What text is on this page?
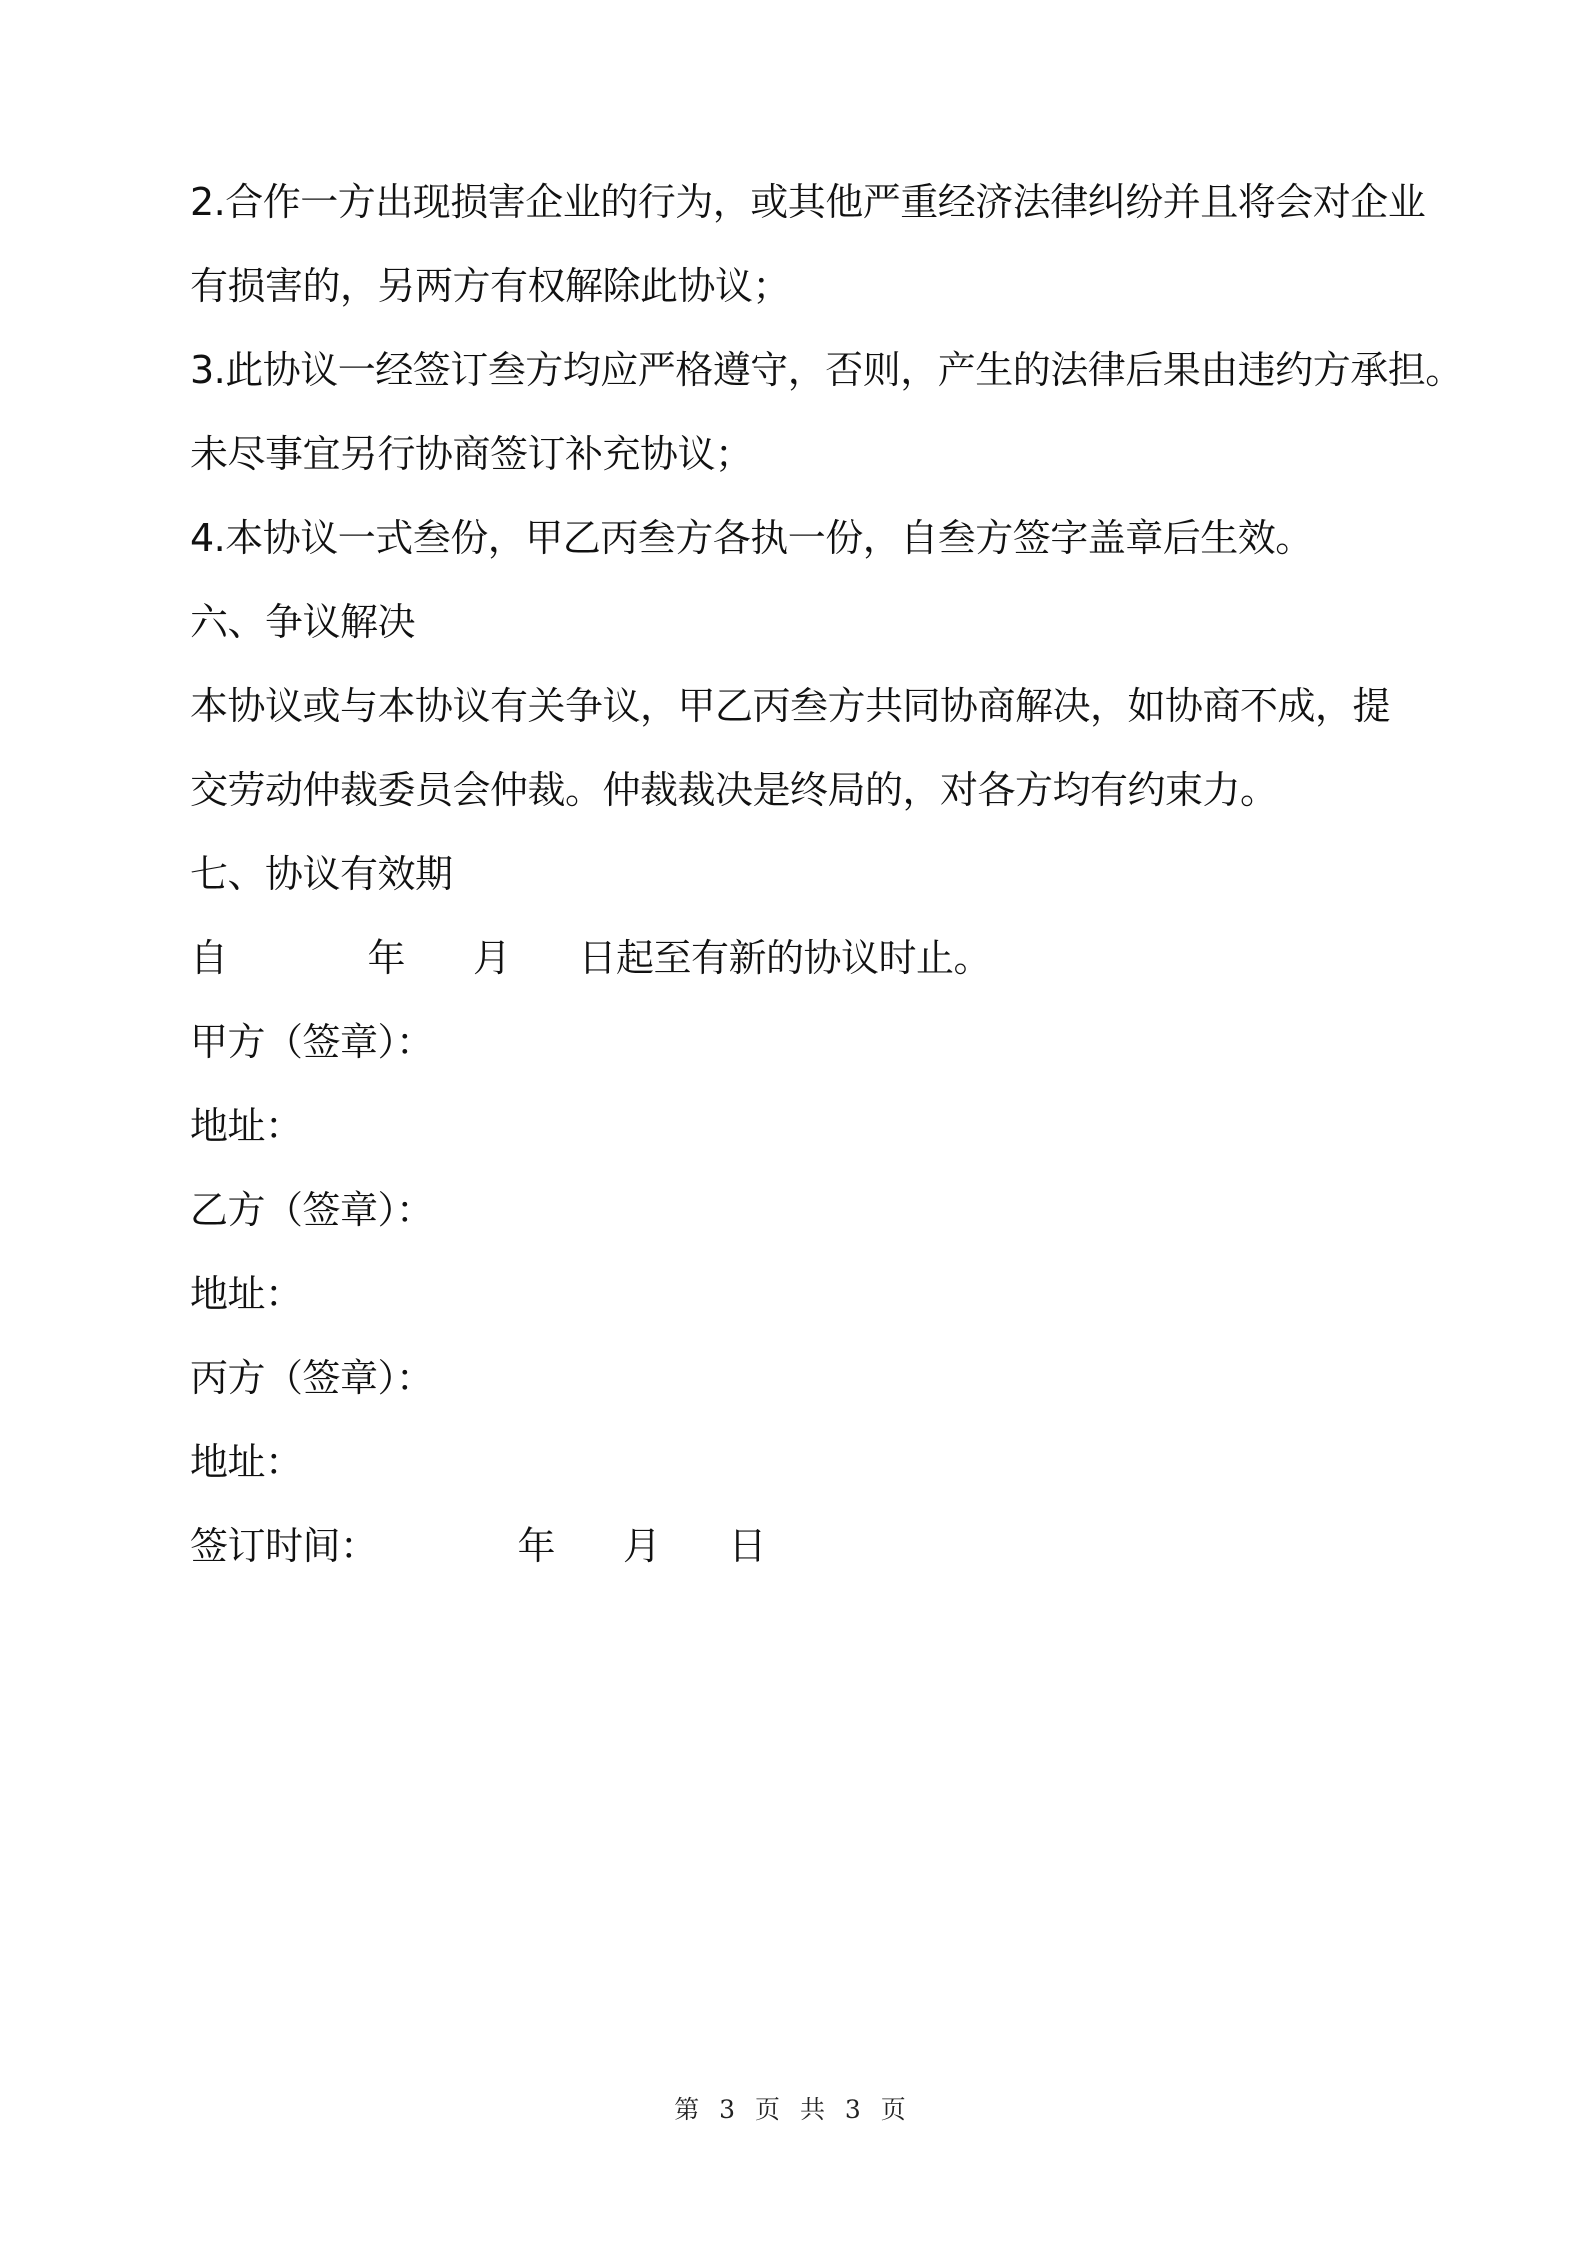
2.合作一方出现损害企业的行为，或其他严重经济法律纠纷并且将会对企业
有损害的，另两方有权解除此协议；
3.此协议一经签订叁方均应严格遵守，否则，产生的法律后果由违约方承担。
未尽事宜另行协商签订补充协议；
4.本协议一式叁份，甲乙丙叁方各执一份，自叁方签字盖章后生效。
六、争议解决
本协议或与本协议有关争议，甲乙丙叁方共同协商解决，如协商不成，提
交劳动仲裁委员会仲裁。仲裁裁决是终局的，对各方均有约束力。
七、协议有效期
自	年 月 日起至有新的协议时止。
甲方（签章）：
地址：
乙方（签章）：
地址：
丙方（签章）：
地址：
签订时间：	年 月 日
第 3 页 共 3 页
